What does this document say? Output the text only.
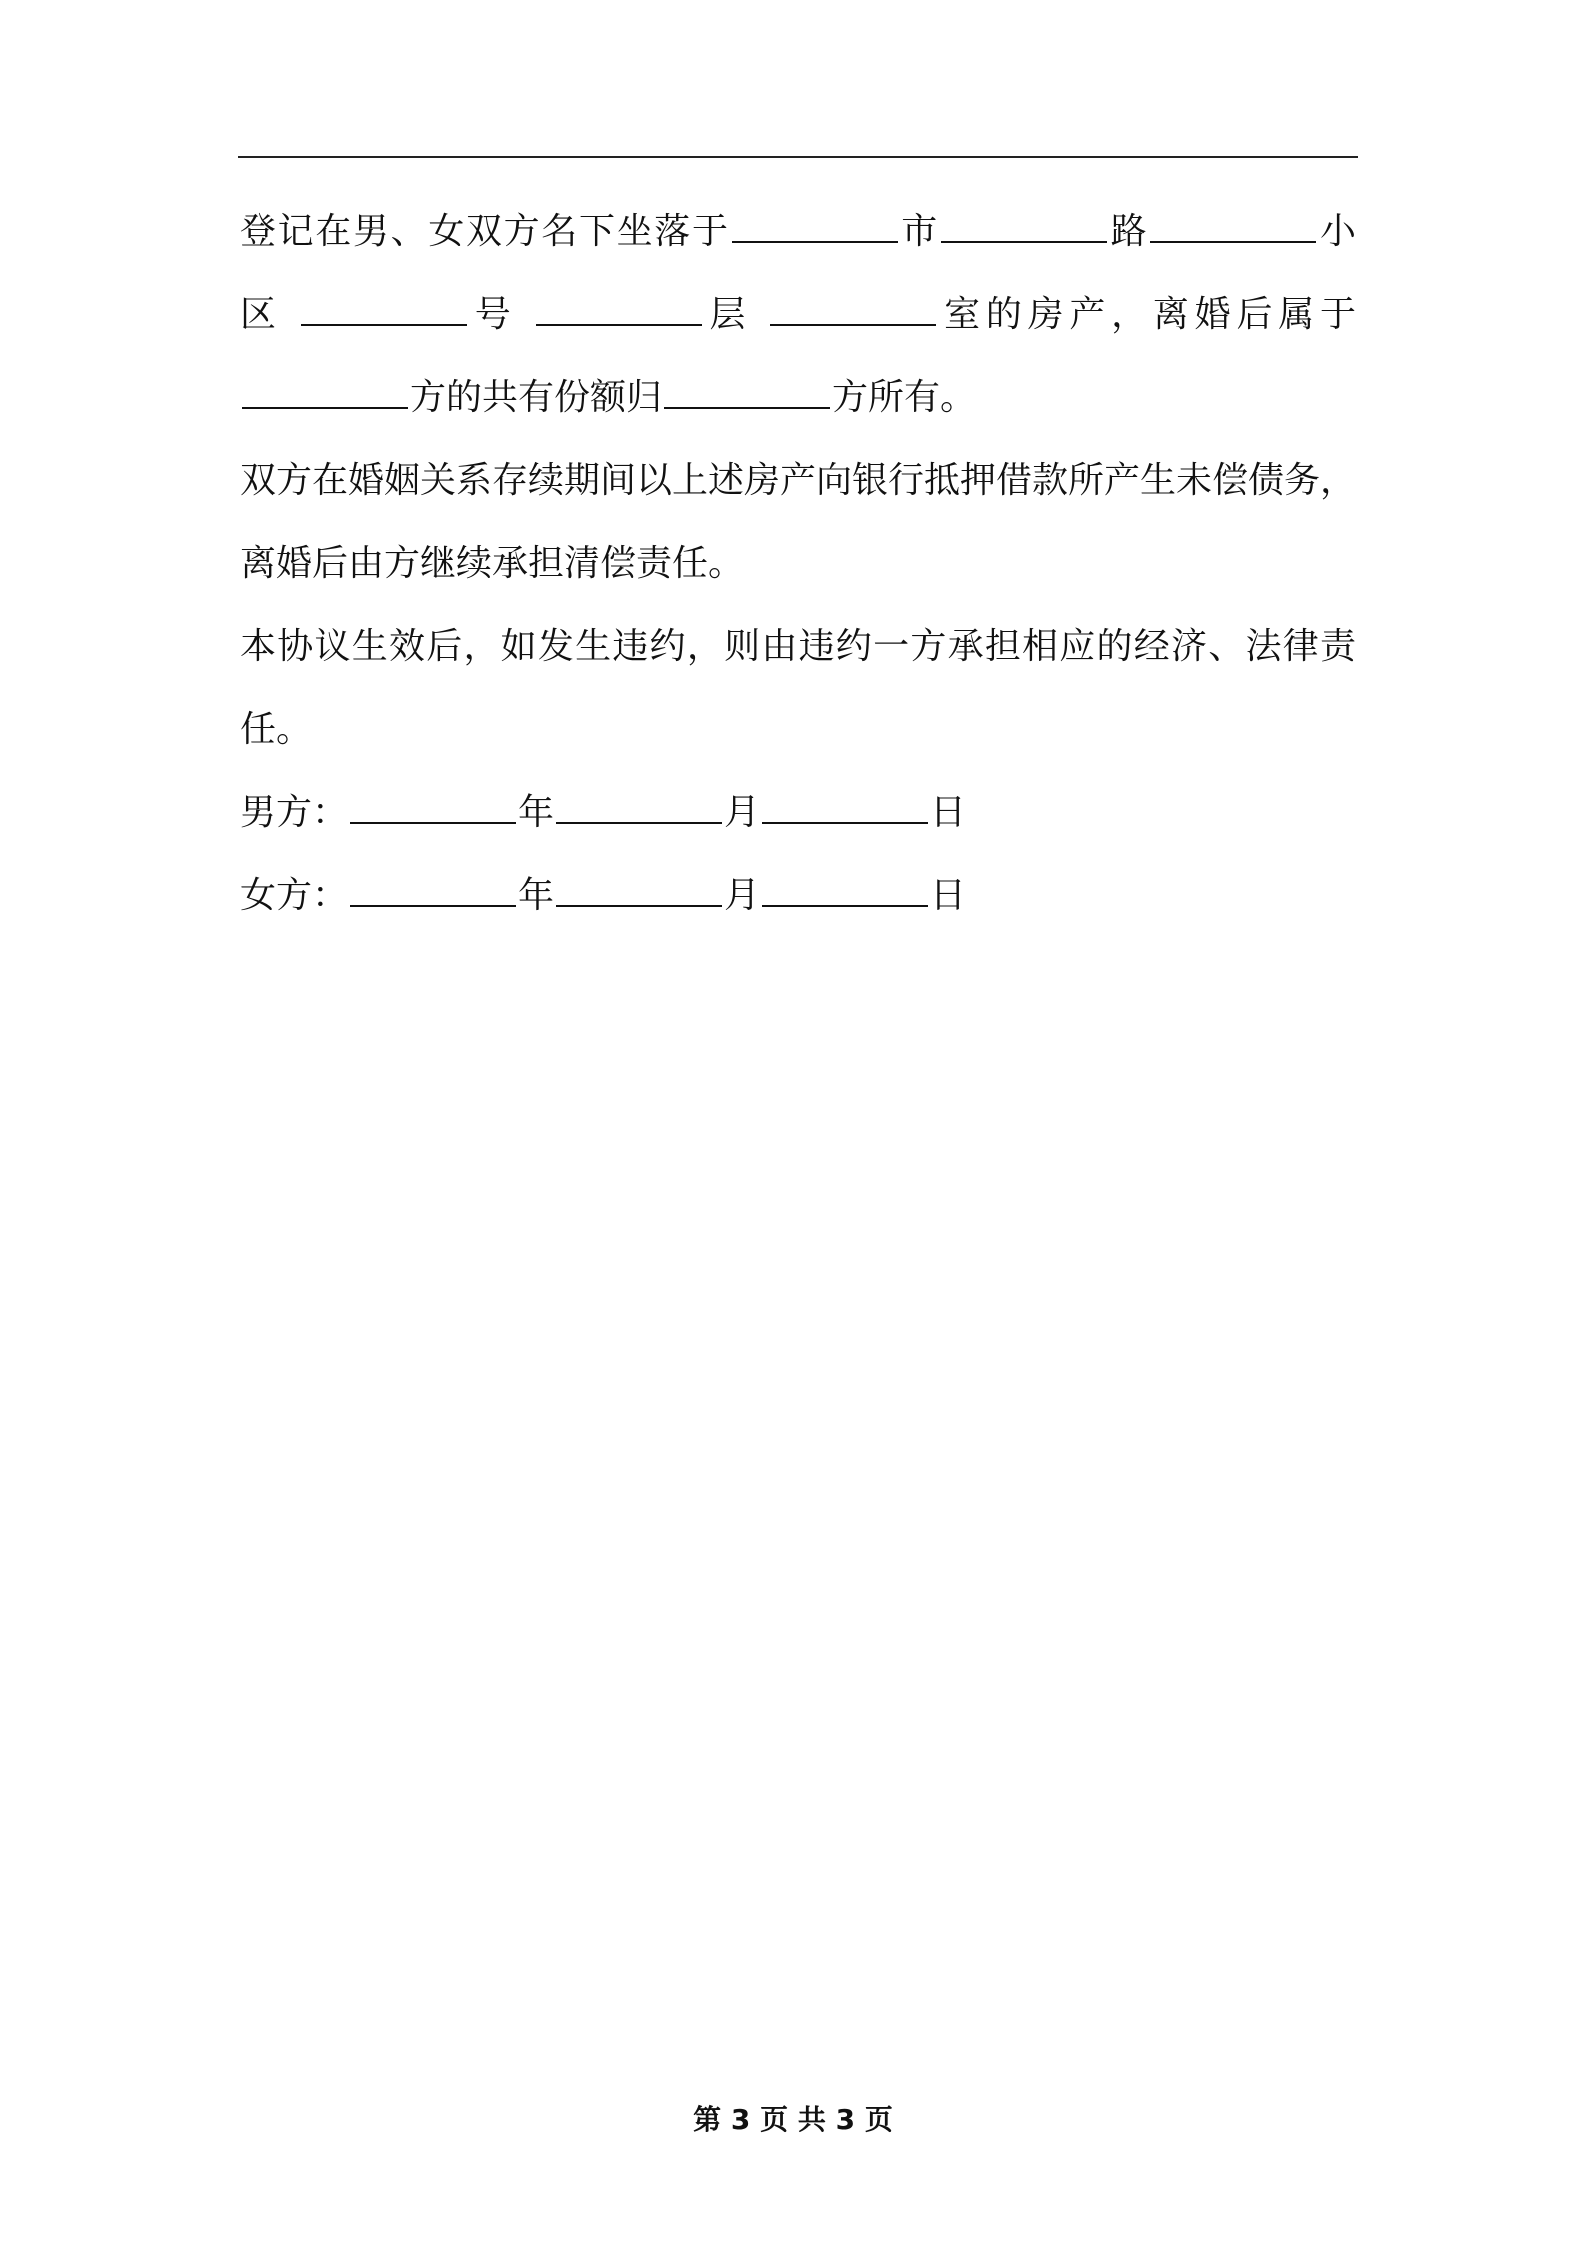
登记在男、女双方名下坐落于	市	路	小区	号	层	室的房产，离婚后属于方的共有份额归	方所有。

双方在婚姻关系存续期间以上述房产向银行抵押借款所产生未偿债务，离婚后由方继续承担清偿责任。

本协议生效后，如发生违约，则由违约一方承担相应的经济、法律责任。

男方：	年	月	日

女方：	年	月	日

第 3 页 共 3 页
